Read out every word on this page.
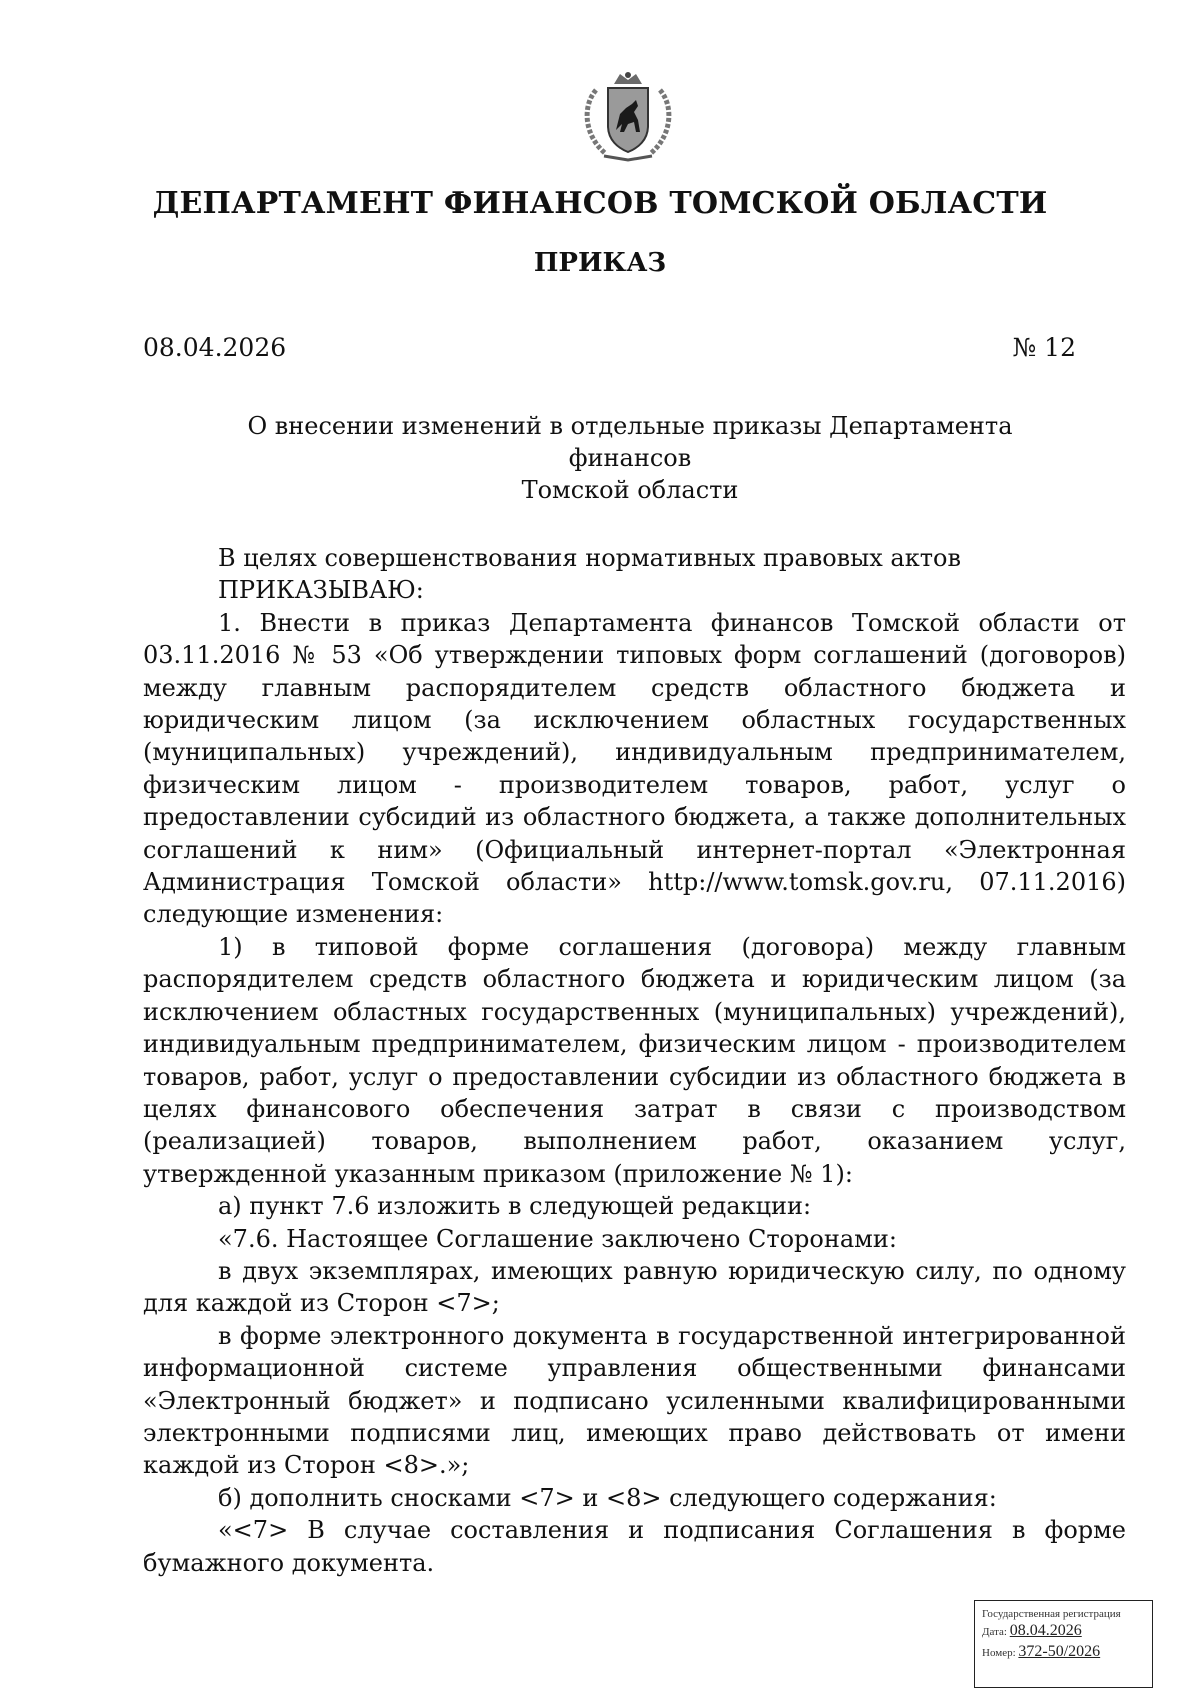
ДЕПАРТАМЕНТ ФИНАНСОВ ТОМСКОЙ ОБЛАСТИ
ПРИКАЗ
08.04.2026	№ 12
О внесении изменений в отдельные приказы Департамента финансов
Томской области

В целях совершенствования нормативных правовых актов

ПРИКАЗЫВАЮ:

1. Внести в приказ Департамента финансов Томской области от 03.11.2016 № 53 «Об утверждении типовых форм соглашений (договоров) между главным распорядителем средств областного бюджета и юридическим лицом (за исключением областных государственных (муниципальных) учреждений), индивидуальным предпринимателем, физическим лицом - производителем товаров, работ, услуг о предоставлении субсидий из областного бюджета, а также дополнительных соглашений к ним» (Официальный интернет-портал «Электронная Администрация Томской области» http://www.tomsk.gov.ru, 07.11.2016) следующие изменения:

1) в типовой форме соглашения (договора) между главным распорядителем средств областного бюджета и юридическим лицом (за исключением областных государственных (муниципальных) учреждений), индивидуальным предпринимателем, физическим лицом - производителем товаров, работ, услуг о предоставлении субсидии из областного бюджета в целях финансового обеспечения затрат в связи с производством (реализацией) товаров, выполнением работ, оказанием услуг, утвержденной указанным приказом (приложение № 1):

а) пункт 7.6 изложить в следующей редакции:

«7.6. Настоящее Соглашение заключено Сторонами:

в двух экземплярах, имеющих равную юридическую силу, по одному для каждой из Сторон <7>;

в форме электронного документа в государственной интегрированной информационной системе управления общественными финансами «Электронный бюджет» и подписано усиленными квалифицированными электронными подписями лиц, имеющих право действовать от имени каждой из Сторон <8>.»;

б) дополнить сносками <7> и <8> следующего содержания:

«<7> В случае составления и подписания Соглашения в форме бумажного документа.

Государственная регистрация
Дата: 08.04.2026
Номер: 372-50/2026
